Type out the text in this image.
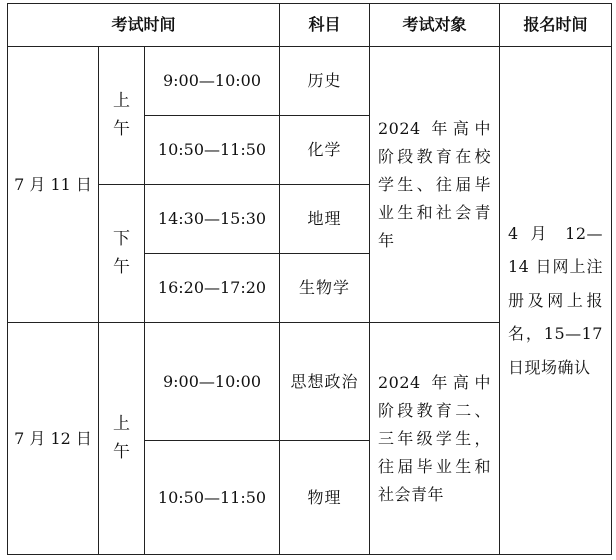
考试时间			科目	考试对象	报名时间
7 月 11 日	上午	9:00—10:00	历史	2024 年高中阶段教育在校学生、往届毕业生和社会青年	4 月 12—14 日网上注册及网上报名，15—17 日现场确认

		10:50—11:50	化学		
	下午	14:30—15:30	地理		
		16:20—17:20	生物学		
7 月 12 日	上午	9:00—10:00	思想政治	2024 年高中阶段教育二、三年级学生，往届毕业生和社会青年	

		10:50—11:50	物理		
